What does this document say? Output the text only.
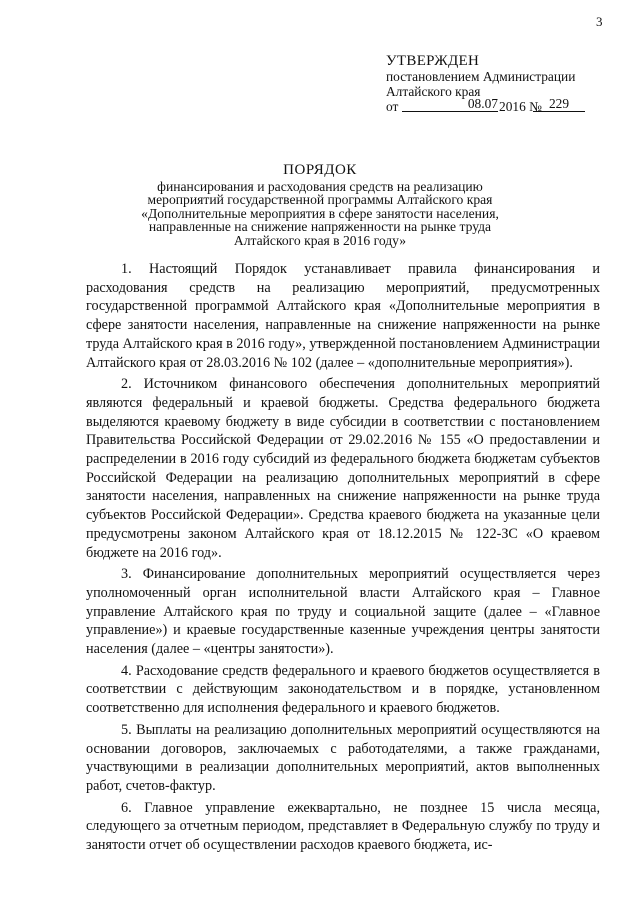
3
УТВЕРЖДЕН
постановлением Администрации
Алтайского края
от	08.07 2016 № 229
ПОРЯДОК
финансирования и расходования средств на реализацию
мероприятий государственной программы Алтайского края
«Дополнительные мероприятия в сфере занятости населения,
направленные на снижение напряженности на рынке труда
Алтайского края в 2016 году»

1. Настоящий Порядок устанавливает правила финансирования и расходования средств на реализацию мероприятий, предусмотренных государственной программой Алтайского края «Дополнительные мероприятия в сфере занятости населения, направленные на снижение напряженности на рынке труда Алтайского края в 2016 году», утвержденной постановлением Администрации Алтайского края от 28.03.2016 № 102 (далее – «дополнительные мероприятия»).

2. Источником финансового обеспечения дополнительных мероприятий являются федеральный и краевой бюджеты. Средства федерального бюджета выделяются краевому бюджету в виде субсидии в соответствии с постановлением Правительства Российской Федерации от 29.02.2016 № 155 «О предоставлении и распределении в 2016 году субсидий из федерального бюджета бюджетам субъектов Российской Федерации на реализацию дополнительных мероприятий в сфере занятости населения, направленных на снижение напряженности на рынке труда субъектов Российской Федерации». Средства краевого бюджета на указанные цели предусмотрены законом Алтайского края от 18.12.2015 № 122-ЗС «О краевом бюджете на 2016 год».

3. Финансирование дополнительных мероприятий осуществляется через уполномоченный орган исполнительной власти Алтайского края – Главное управление Алтайского края по труду и социальной защите (далее – «Главное управление») и краевые государственные казенные учреждения центры занятости населения (далее – «центры занятости»).

4. Расходование средств федерального и краевого бюджетов осуществляется в соответствии с действующим законодательством и в порядке, установленном соответственно для исполнения федерального и краевого бюджетов.

5. Выплаты на реализацию дополнительных мероприятий осуществляются на основании договоров, заключаемых с работодателями, а также гражданами, участвующими в реализации дополнительных мероприятий, актов выполненных работ, счетов-фактур.

6. Главное управление ежеквартально, не позднее 15 числа месяца, следующего за отчетным периодом, представляет в Федеральную службу по труду и занятости отчет об осуществлении расходов краевого бюджета, ис-
